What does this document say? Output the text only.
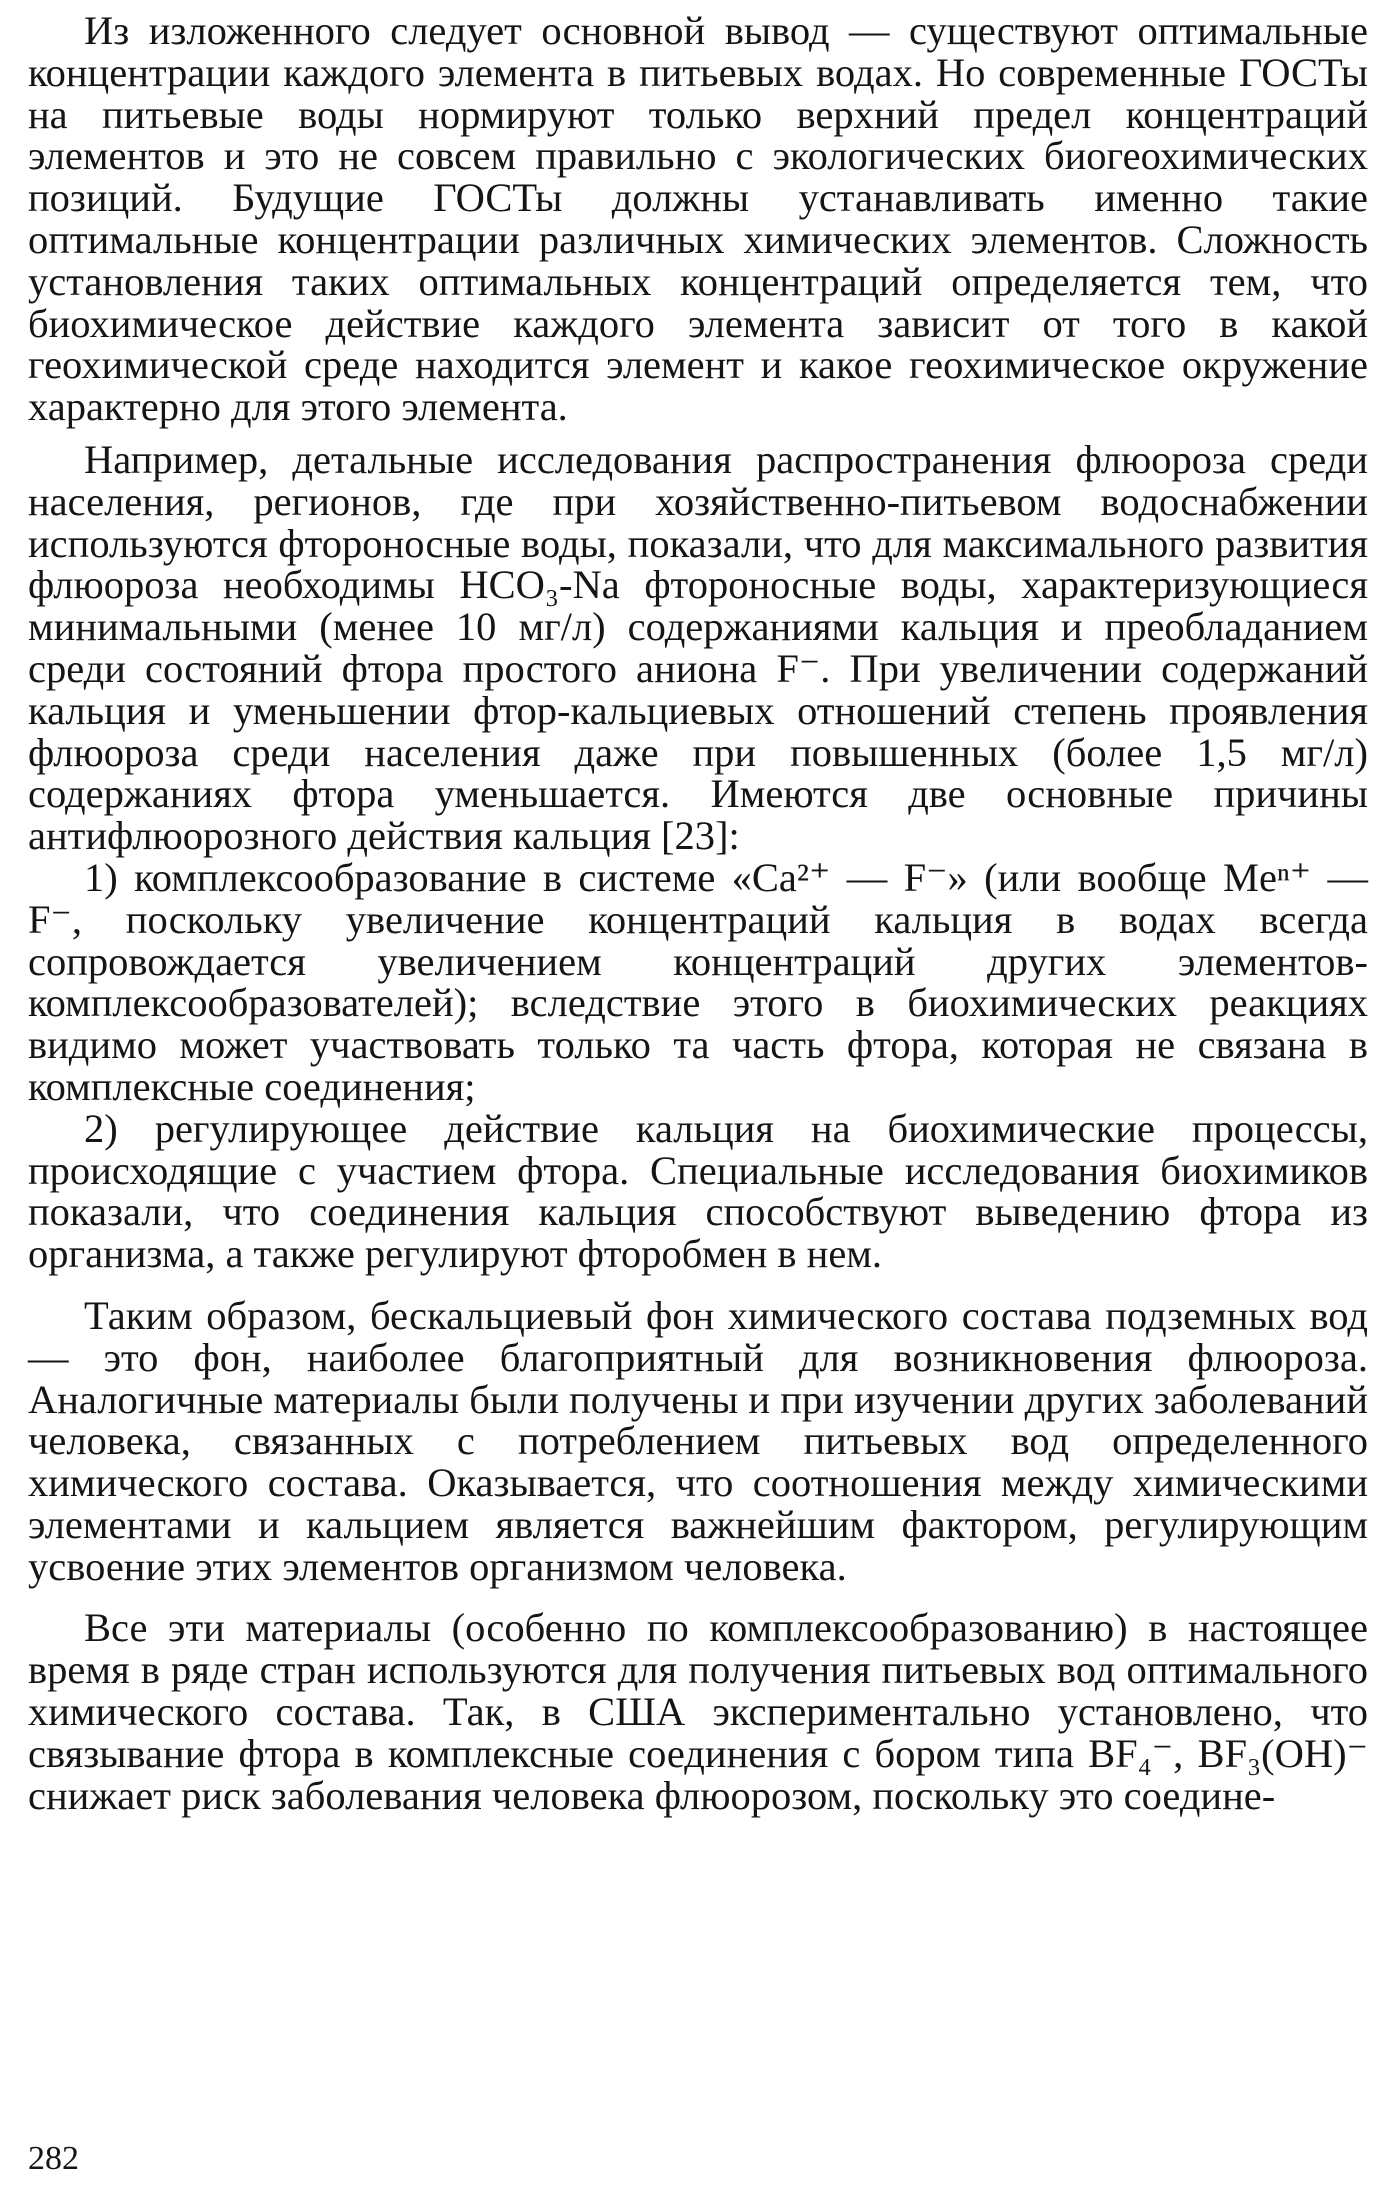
Из изложенного следует основной вывод — существуют оптимальные концентрации каждого элемента в питьевых водах. Но современные ГОСТы на питьевые воды нормируют только верхний предел концентраций элементов и это не совсем правильно с экологических биогеохимических позиций. Будущие ГОСТы должны устанавливать именно такие оптимальные концентрации различных химических элементов. Сложность установления таких оптимальных концентраций определяется тем, что биохимическое действие каждого элемента зависит от того в какой геохимической среде находится элемент и какое геохимическое окружение характерно для этого элемента.

Например, детальные исследования распространения флюороза среди населения, регионов, где при хозяйственно-питьевом водоснабжении используются фтороносные воды, показали, что для максимального развития флюороза необходимы HCO₃-Na фтороносные воды, характеризующиеся минимальными (менее 10 мг/л) содержаниями кальция и преобладанием среди состояний фтора простого аниона F⁻. При увеличении содержаний кальция и уменьшении фтор-кальциевых отношений степень проявления флюороза среди населения даже при повышенных (более 1,5 мг/л) содержаниях фтора уменьшается. Имеются две основные причины антифлюорозного действия кальция [23]:

1) комплексообразование в системе «Ca²⁺ — F⁻» (или вообще Meⁿ⁺ — F⁻, поскольку увеличение концентраций кальция в водах всегда сопровождается увеличением концентраций других элементов-комплексообразователей); вследствие этого в биохимических реакциях видимо может участвовать только та часть фтора, которая не связана в комплексные соединения;

2) регулирующее действие кальция на биохимические процессы, происходящие с участием фтора. Специальные исследования биохимиков показали, что соединения кальция способствуют выведению фтора из организма, а также регулируют фторобмен в нем.

Таким образом, бескальциевый фон химического состава подземных вод — это фон, наиболее благоприятный для возникновения флюороза. Аналогичные материалы были получены и при изучении других заболеваний человека, связанных с потреблением питьевых вод определенного химического состава. Оказывается, что соотношения между химическими элементами и кальцием является важнейшим фактором, регулирующим усвоение этих элементов организмом человека.

Все эти материалы (особенно по комплексообразованию) в настоящее время в ряде стран используются для получения питьевых вод оптимального химического состава. Так, в США экспериментально установлено, что связывание фтора в комплексные соединения с бором типа BF₄⁻, BF₃(OH)⁻ снижает риск заболевания человека флюорозом, поскольку это соедине-

282
